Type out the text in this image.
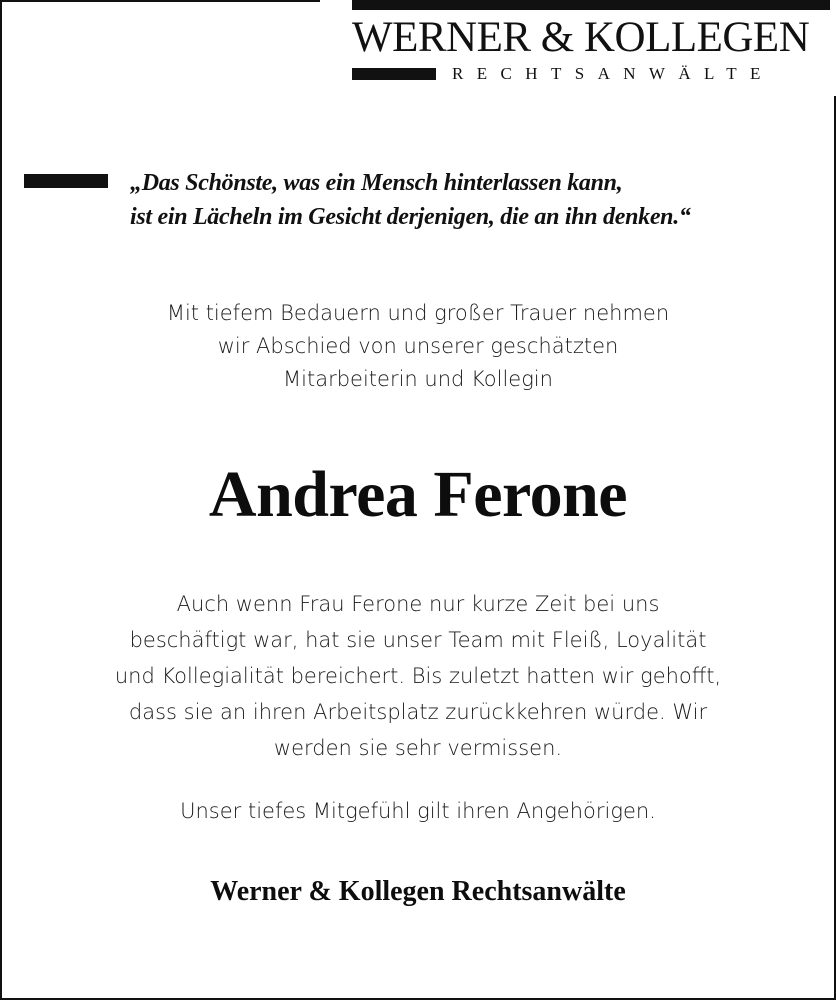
WERNER & KOLLEGEN
RECHTSANWÄLTE
„Das Schönste, was ein Mensch hinterlassen kann,
ist ein Lächeln im Gesicht derjenigen, die an ihn denken.“
Mit tiefem Bedauern und großer Trauer nehmen
wir Abschied von unserer geschätzten
Mitarbeiterin und Kollegin
Andrea Ferone
Auch wenn Frau Ferone nur kurze Zeit bei uns
beschäftigt war, hat sie unser Team mit Fleiß, Loyalität
und Kollegialität bereichert. Bis zuletzt hatten wir gehofft,
dass sie an ihren Arbeitsplatz zurückkehren würde. Wir
werden sie sehr vermissen.
Unser tiefes Mitgefühl gilt ihren Angehörigen.
Werner & Kollegen Rechtsanwälte
